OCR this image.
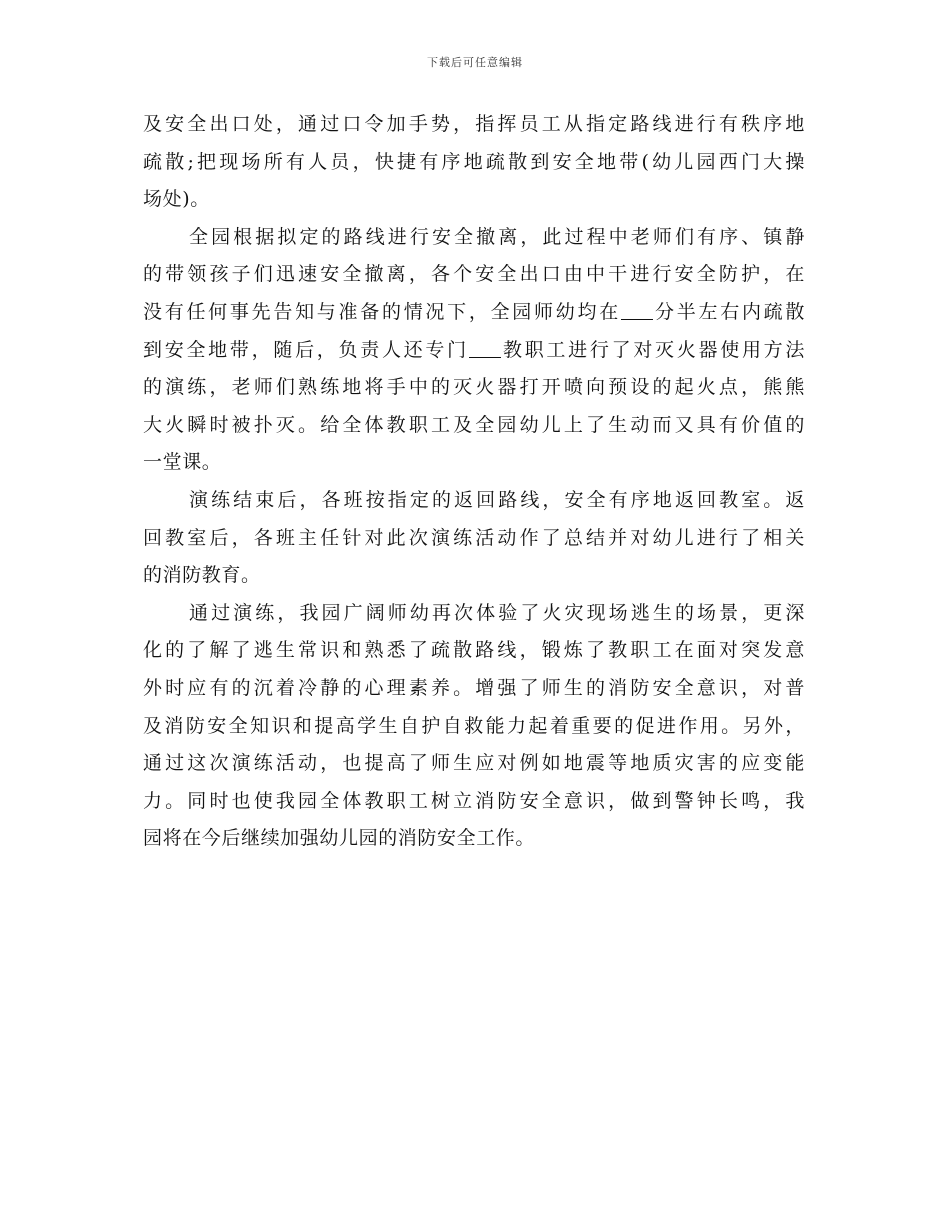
下载后可任意编辑
及安全出口处，通过口令加手势，指挥员工从指定路线进行有秩序地
疏散;把现场所有人员，快捷有序地疏散到安全地带(幼儿园西门大操
场处)。
全园根据拟定的路线进行安全撤离，此过程中老师们有序、镇静
的带领孩子们迅速安全撤离，各个安全出口由中干进行安全防护，在
没有任何事先告知与准备的情况下，全园师幼均在 分半左右内疏散
到安全地带，随后，负责人还专门 教职工进行了对灭火器使用方法
的演练，老师们熟练地将手中的灭火器打开喷向预设的起火点，熊熊
大火瞬时被扑灭。给全体教职工及全园幼儿上了生动而又具有价值的
一堂课。
演练结束后，各班按指定的返回路线，安全有序地返回教室。返
回教室后，各班主任针对此次演练活动作了总结并对幼儿进行了相关
的消防教育。
通过演练，我园广阔师幼再次体验了火灾现场逃生的场景，更深
化的了解了逃生常识和熟悉了疏散路线，锻炼了教职工在面对突发意
外时应有的沉着冷静的心理素养。增强了师生的消防安全意识，对普
及消防安全知识和提高学生自护自救能力起着重要的促进作用。另外，
通过这次演练活动，也提高了师生应对例如地震等地质灾害的应变能
力。同时也使我园全体教职工树立消防安全意识，做到警钟长鸣，我
园将在今后继续加强幼儿园的消防安全工作。
